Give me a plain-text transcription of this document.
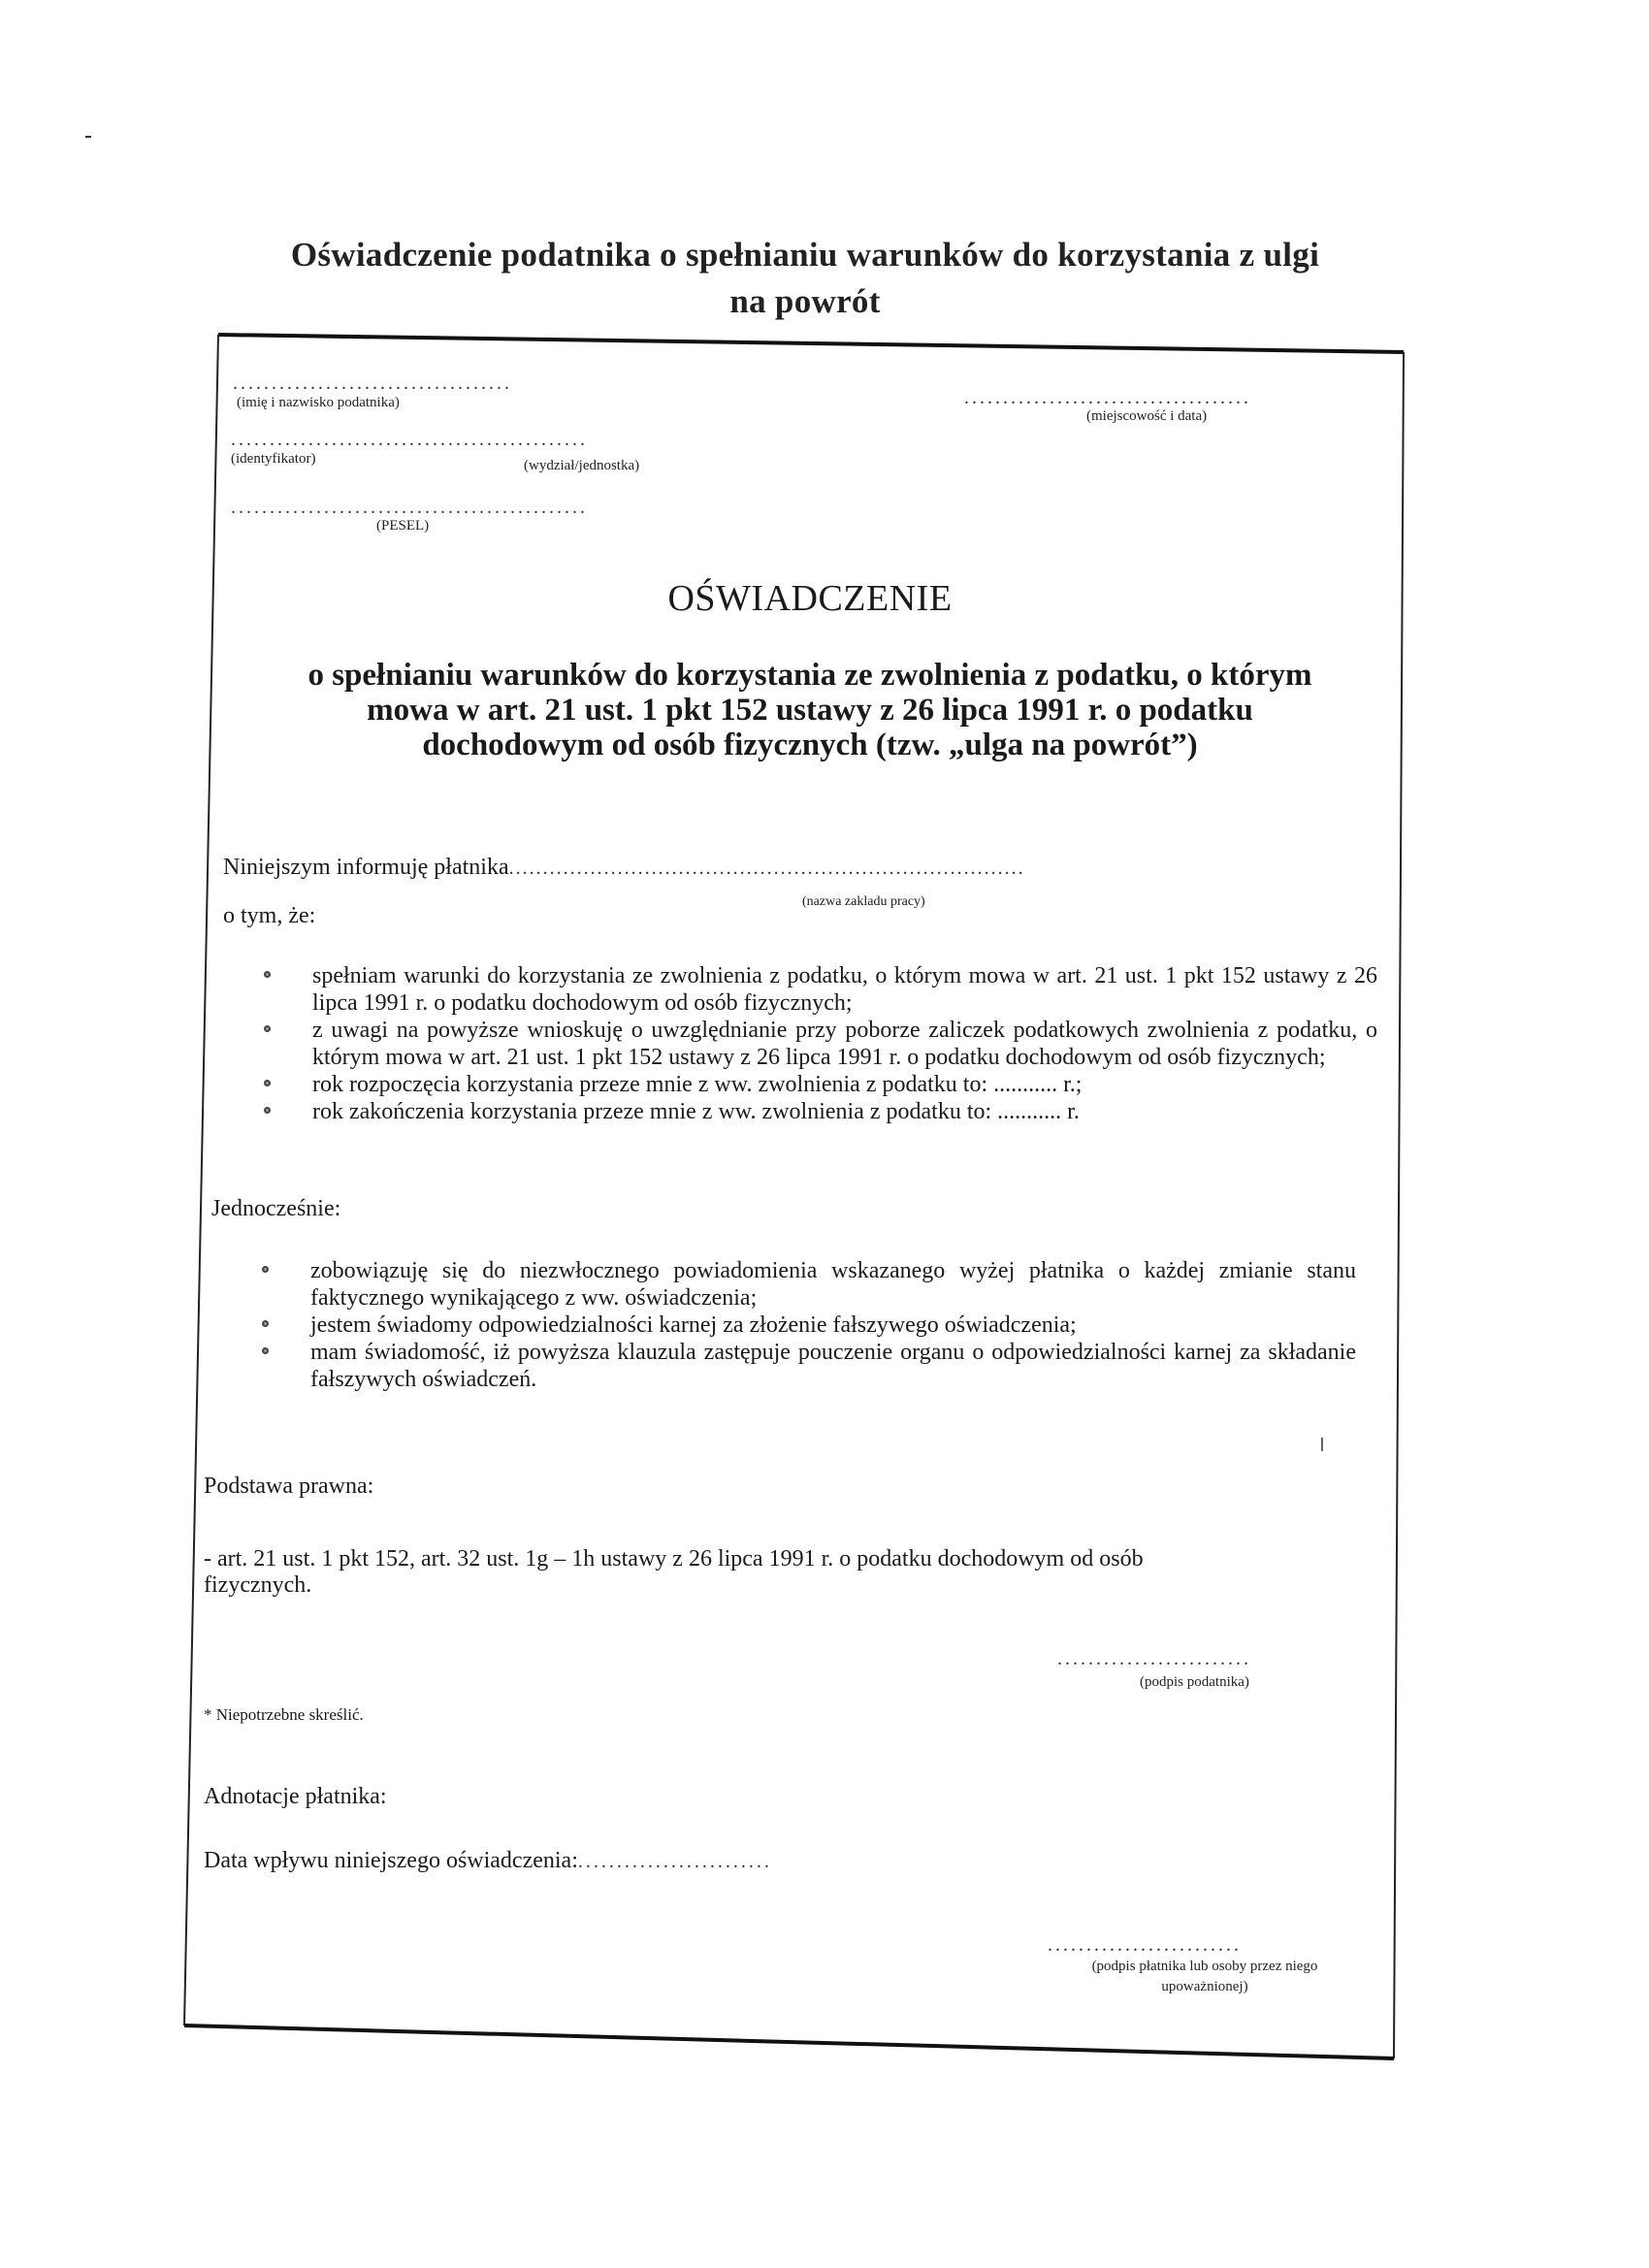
Oświadczenie podatnika o spełnianiu warunków do korzystania z ulgi
na powrót
....................................
(imię i nazwisko podatnika)	.....................................
(miejscowość i data)
..............................................
(identyfikator)	(wydział/jednostka)
..............................................
(PESEL)
OŚWIADCZENIE
o spełnianiu warunków do korzystania ze zwolnienia z podatku, o którym
mowa w art. 21 ust. 1 pkt 152 ustawy z 26 lipca 1991 r. o podatku
dochodowym od osób fizycznych (tzw. „ulga na powrót”)
Niniejszym informuję płatnika............................................................................
(nazwa zakladu pracy)
o tym, że:
spełniam warunki do korzystania ze zwolnienia z podatku, o którym mowa w art. 21 ust. 1 pkt 152 ustawy z 26 lipca 1991 r. o podatku dochodowym od osób fizycznych;
z uwagi na powyższe wnioskuję o uwzględnianie przy poborze zaliczek podatkowych zwolnienia z podatku, o którym mowa w art. 21 ust. 1 pkt 152 ustawy z 26 lipca 1991 r. o podatku dochodowym od osób fizycznych;
rok rozpoczęcia korzystania przeze mnie z ww. zwolnienia z podatku to: ........... r.;
rok zakończenia korzystania przeze mnie z ww. zwolnienia z podatku to: ........... r.
Jednocześnie:
zobowiązuję się do niezwłocznego powiadomienia wskazanego wyżej płatnika o każdej zmianie stanu faktycznego wynikającego z ww. oświadczenia;
jestem świadomy odpowiedzialności karnej za złożenie fałszywego oświadczenia;
mam świadomość, iż powyższa klauzula zastępuje pouczenie organu o odpowiedzialności karnej za składanie fałszywych oświadczeń.
Podstawa prawna:
- art. 21 ust. 1 pkt 152, art. 32 ust. 1g – 1h ustawy z 26 lipca 1991 r. o podatku dochodowym od osób
fizycznych.
.........................
(podpis podatnika)
* Niepotrzebne skreślić.
Adnotacje płatnika:
Data wpływu niniejszego oświadczenia:.........................
.........................
(podpis płatnika lub osoby przez niego
upoważnionej)
